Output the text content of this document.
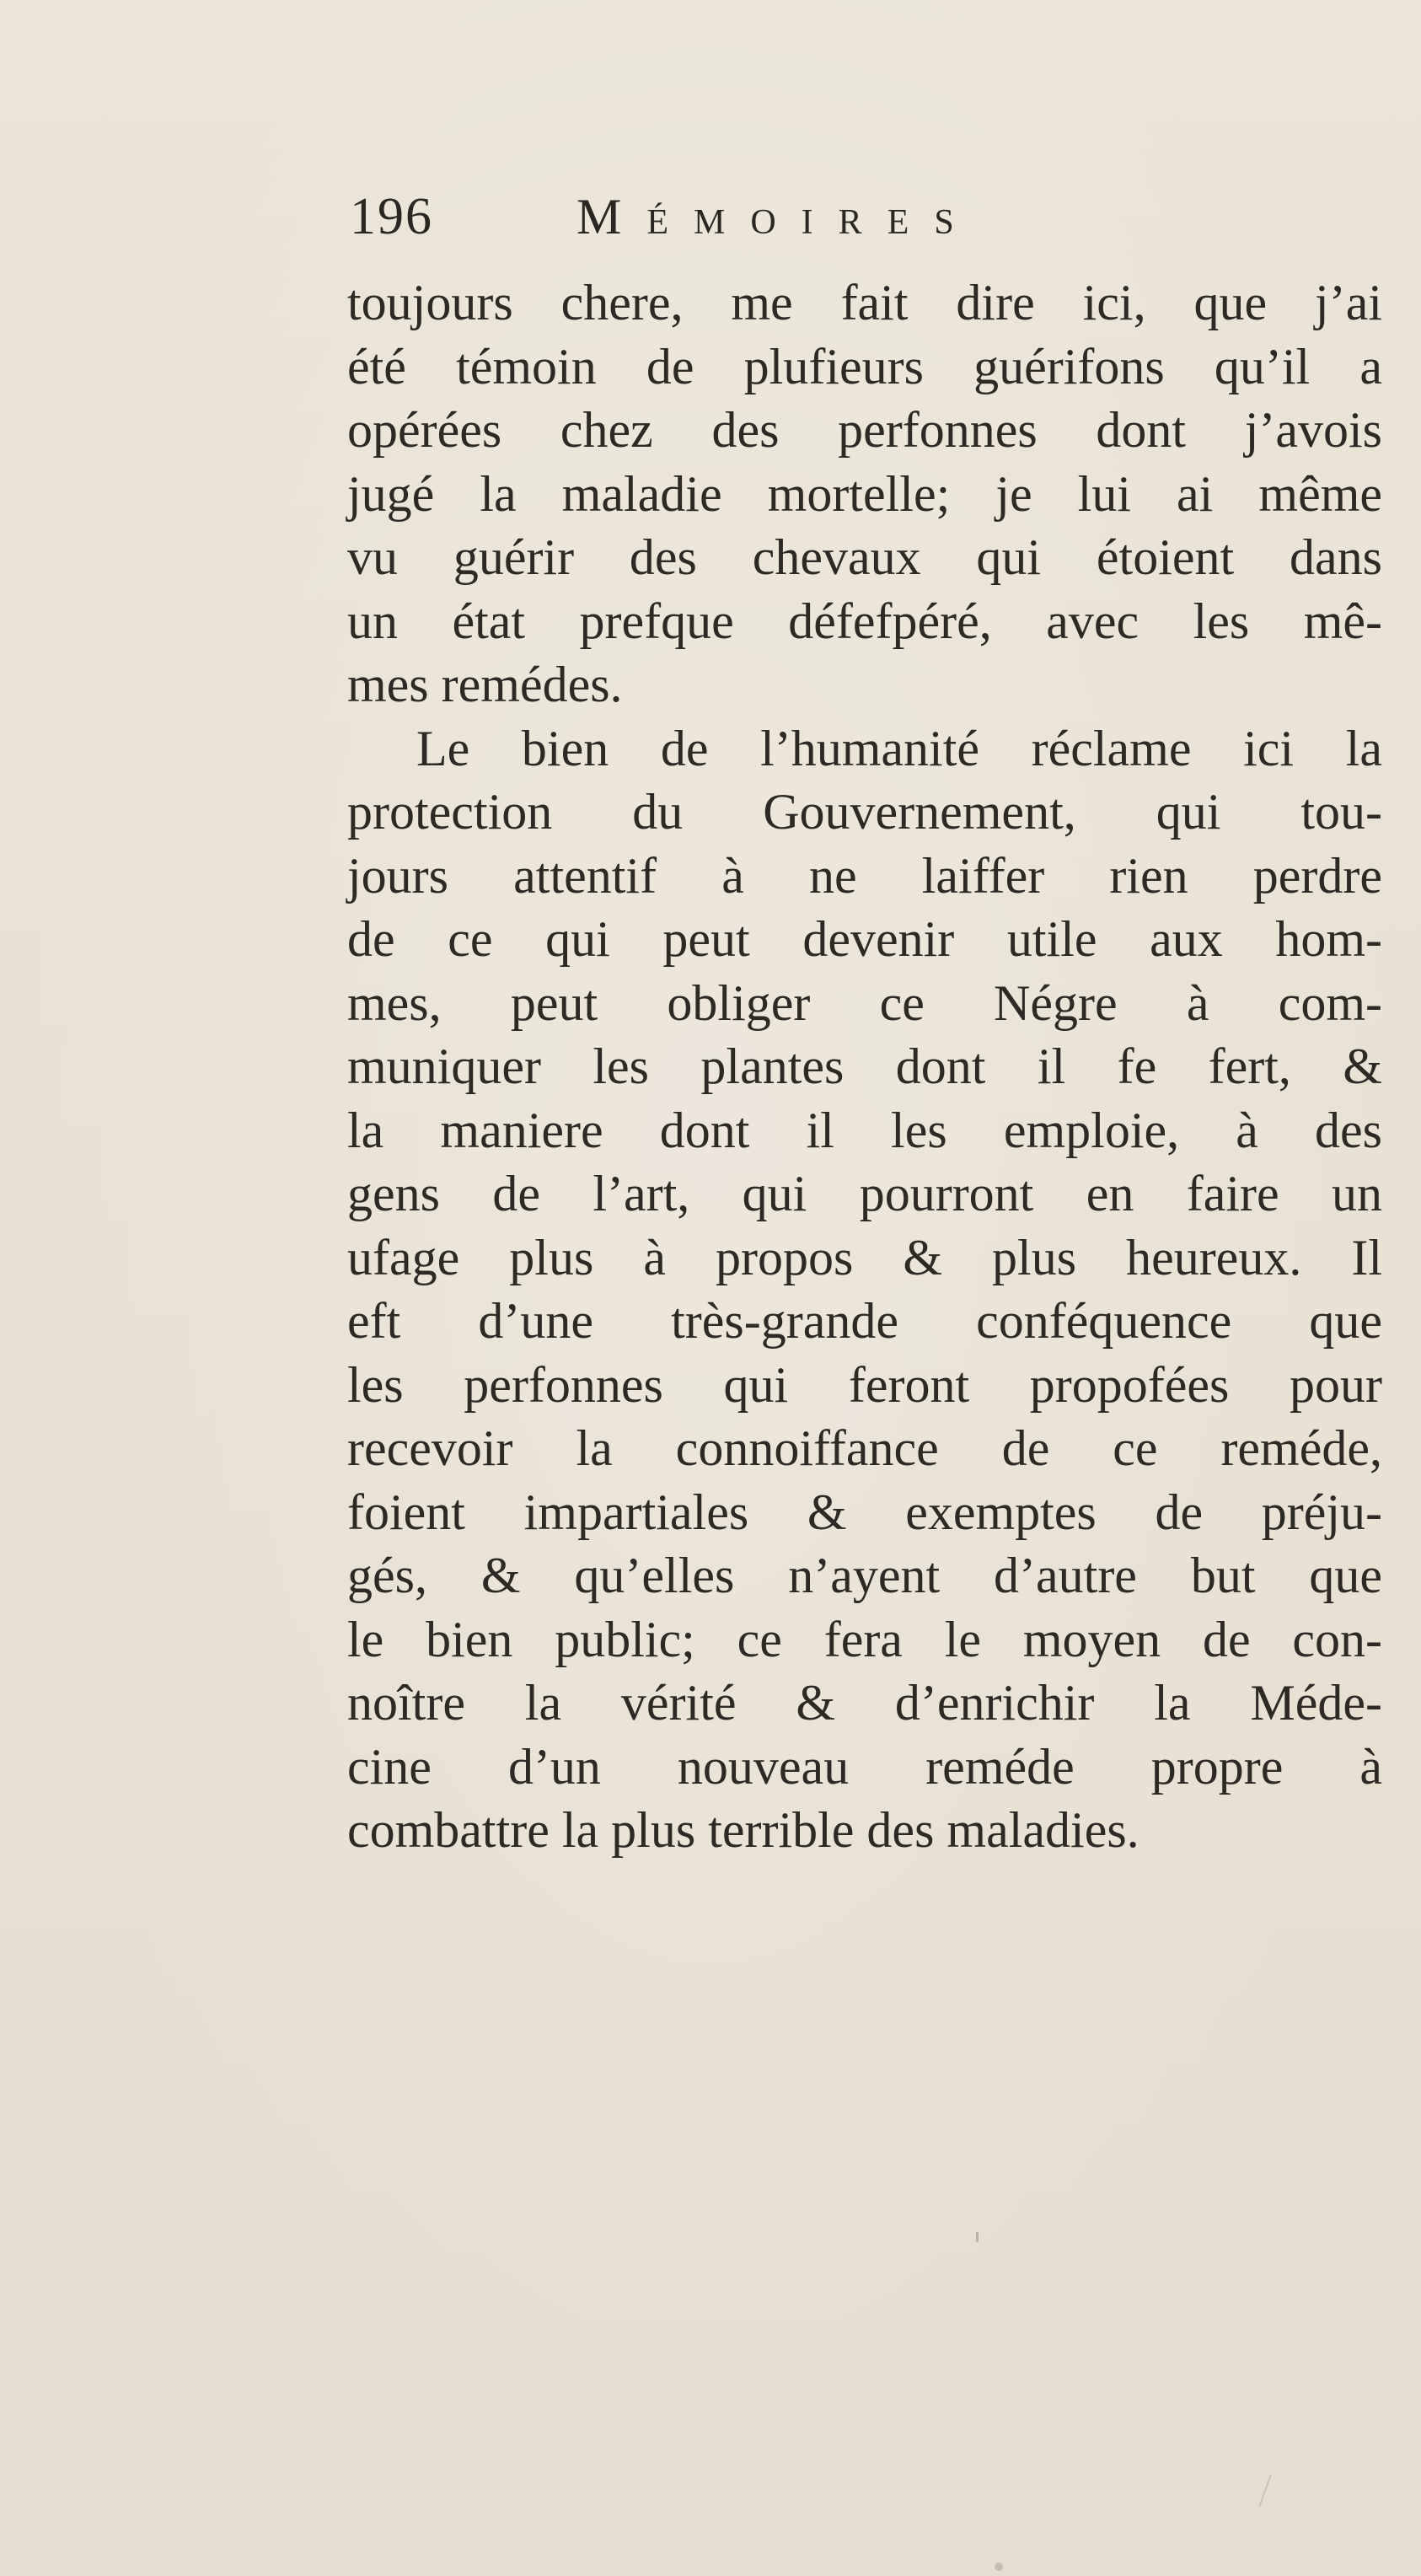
196	Mémoires
toujours chere, me fait dire ici, que j’ai
été témoin de plufieurs guérifons qu’il a
opérées chez des perfonnes dont j’avois
jugé la maladie mortelle; je lui ai même
vu guérir des chevaux qui étoient dans
un état prefque défefpéré, avec les mê-
mes remédes.
Le bien de l’humanité réclame ici la
protection du Gouvernement, qui tou-
jours attentif à ne laiffer rien perdre
de ce qui peut devenir utile aux hom-
mes, peut obliger ce Négre à com-
muniquer les plantes dont il fe fert, &
la maniere dont il les emploie, à des
gens de l’art, qui pourront en faire un
ufage plus à propos & plus heureux. Il
eft d’une très-grande conféquence que
les perfonnes qui feront propofées pour
recevoir la connoiffance de ce reméde,
foient impartiales & exemptes de préju-
gés, & qu’elles n’ayent d’autre but que
le bien public; ce fera le moyen de con-
noître la vérité & d’enrichir la Méde-
cine d’un nouveau reméde propre à
combattre la plus terrible des maladies.
